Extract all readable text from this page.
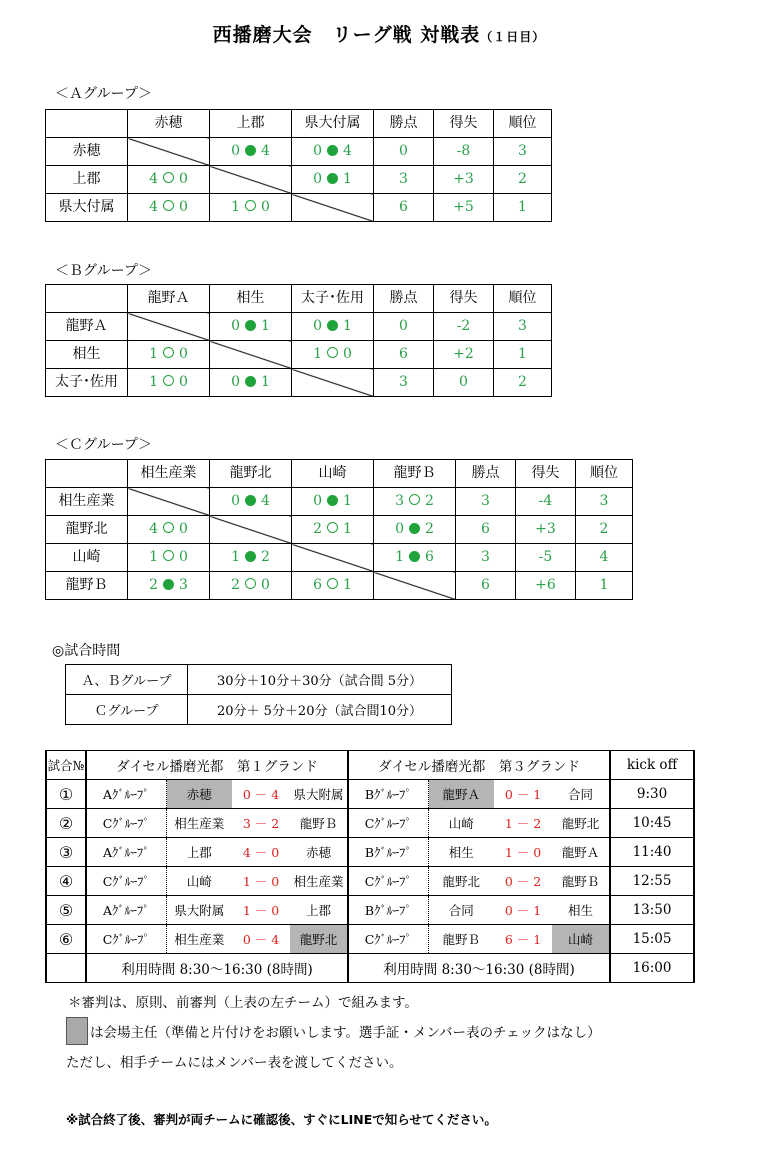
西播磨大会　リーグ戦 対戦表（１日目）
＜Ａグループ＞
	赤穂	上郡	県大付属	勝点	得失	順位
赤穂		0 4	0 4	0	-8	3
上郡	4 0		0 1	3	+3	2
県大付属	4 0	1 0		6	+5	1
＜Ｂグループ＞
	龍野Ａ	相生	太子･佐用	勝点	得失	順位
龍野Ａ		0 1	0 1	0	-2	3
相生	1 0		1 0	6	+2	1
太子･佐用	1 0	0 1		3	0	2
＜Ｃグループ＞
	相生産業	龍野北	山崎	龍野Ｂ	勝点	得失	順位
相生産業		0 4	0 1	3 2	3	-4	3
龍野北	4 0		2 1	0 2	6	+3	2
山崎	1 0	1 2		1 6	3	-5	4
龍野Ｂ	2 3	2 0	6 1		6	+6	1
◎試合時間
Ａ、Ｂグループ	30分＋10分＋30分（試合間 5分）
Ｃグループ	20分＋ 5分＋20分（試合間10分）
試合№	ダイセル播磨光都　第１グランド				ダイセル播磨光都　第３グランド				kick off
①	Aｸﾞﾙｰﾌﾟ	赤穂	0 － 4	県大附属	Bｸﾞﾙｰﾌﾟ	龍野Ａ	0 － 1	合同	9:30
②	Cｸﾞﾙｰﾌﾟ	相生産業	3 － 2	龍野Ｂ	Cｸﾞﾙｰﾌﾟ	山崎	1 － 2	龍野北	10:45
③	Aｸﾞﾙｰﾌﾟ	上郡	4 － 0	赤穂	Bｸﾞﾙｰﾌﾟ	相生	1 － 0	龍野Ａ	11:40
④	Cｸﾞﾙｰﾌﾟ	山崎	1 － 0	相生産業	Cｸﾞﾙｰﾌﾟ	龍野北	0 － 2	龍野Ｂ	12:55
⑤	Aｸﾞﾙｰﾌﾟ	県大附属	1 － 0	上郡	Bｸﾞﾙｰﾌﾟ	合同	0 － 1	相生	13:50
⑥	Cｸﾞﾙｰﾌﾟ	相生産業	0 － 4	龍野北	Cｸﾞﾙｰﾌﾟ	龍野Ｂ	6 － 1	山崎	15:05
	利用時間 8:30～16:30 (8時間)				利用時間 8:30～16:30 (8時間)				16:00
＊審判は、原則、前審判（上表の左チーム）で組みます。
は会場主任（準備と片付けをお願いします。選手証・メンバー表のチェックはなし）
ただし、相手チームにはメンバー表を渡してください。
※試合終了後、審判が両チームに確認後、すぐにLINEで知らせてください。
